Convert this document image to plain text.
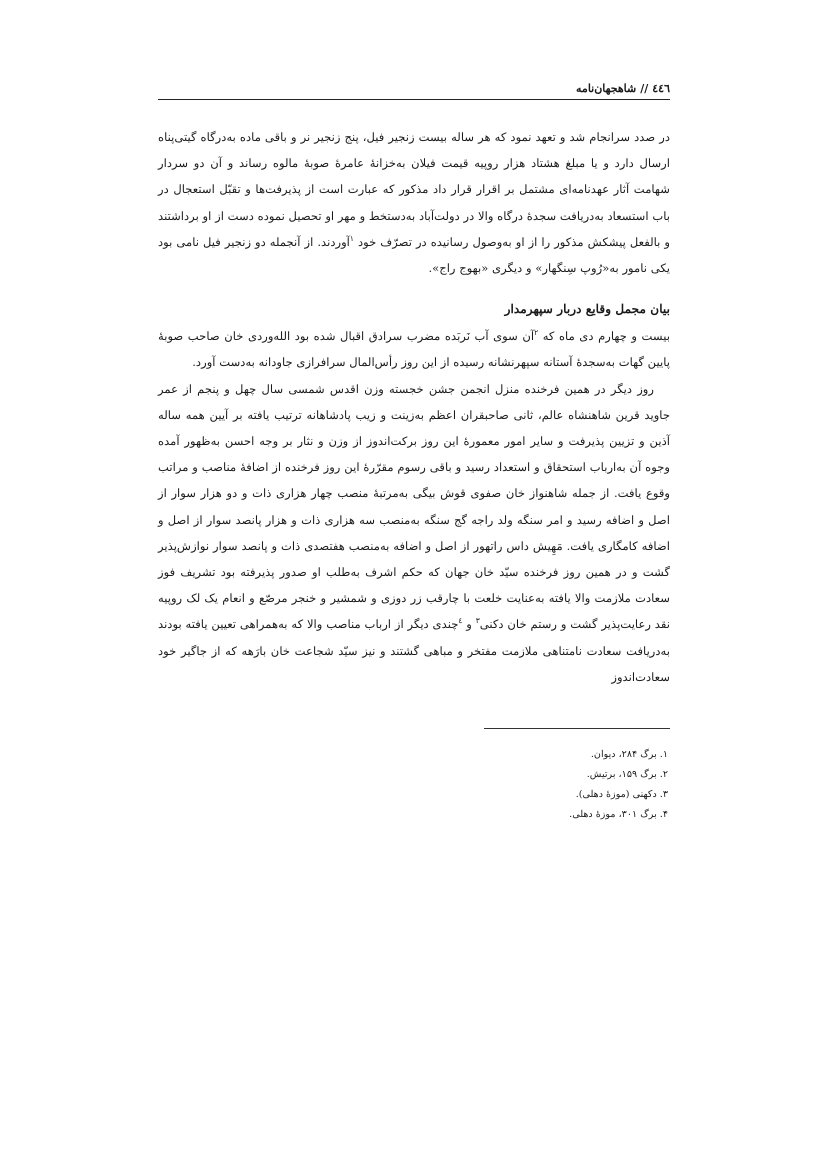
٤٤٦
//
شاهجهان‌نامه

در صدد سرانجام شد و تعهد نمود که هر ساله بیست زنجیر فیل، پنج زنجیر نر و باقی ماده به‌درگاه گیتی‌پناه ارسال دارد و یا مبلغ هشتاد هزار روپیه قیمت فیلان به‌خزانهٔ عامرهٔ صوبهٔ مالوه رساند و آن دو سردار شهامت آثار عهدنامه‌ای مشتمل بر اقرار قرار داد مذکور که عبارت است از پذیرفت‌ها و تقبّل استعجال در باب استسعاد به‌دریافت سجدهٔ درگاه والا در دولت‌آباد به‌دستخط و مهر او تحصیل نموده دست از او برداشتند و بالفعل پیشکش مذکور را از او به‌وصول رسانیده در تصرّف خود $^١$آوردند. از آنجمله دو زنجیر فیل نامی بود یکی نامور به«رُوپ سِنگهار» و دیگری «بهوج راج».

بیان مجمل وقایع دربار سپهرمدار

بیست و چهارم دی ماه که $^٢$آن سوی آب نَربَده مضرب سرادق اقبال شده بود الله‌وردی خان صاحب صوبهٔ پایین گهات به‌سجدهٔ آستانه سپهرنشانه رسیده از این روز رأس‌المال سرافرازی جاودانه به‌دست آورد.

روز دیگر در همین فرخنده منزل انجمن جشن خجسته وزن اقدس شمسی سال چهل و پنجم از عمر جاوید قرین شاهنشاه عالم، ثانی صاحبقران اعظم به‌زینت و زیب پادشاهانه ترتیب یافته بر آیین همه ساله آذین و تزیین پذیرفت و سایر امور معمورهٔ این روز برکت‌اندوز از وزن و نثار بر وجه احسن به‌ظهور آمده وجوه آن به‌ارباب استحقاق و استعداد رسید و باقی رسوم مقرّرهٔ این روز فرخنده از اضافهٔ مناصب و مراتب وقوع یافت. از جمله شاهنواز خان صفوی قوش بیگی به‌مرتبهٔ منصب چهار هزاری ذات و دو هزار سوار از اصل و اضافه رسید و امر سنگه ولد راجه گج سنگه به‌منصب سه هزاری ذات و هزار پانصد سوار از اصل و اضافه کامگاری یافت. مَهِیش داس راتهور از اصل و اضافه به‌منصب هفتصدی ذات و پانصد سوار نوازش‌پذیر گشت و در همین روز فرخنده سیّد خان جهان که حکم اشرف به‌طلب او صدور پذیرفته بود تشریف فوز سعادت ملازمت والا یافته به‌عنایت خلعت با چارقب زر دوزی و شمشیر و خنجر مرصّع و انعام یک لک روپیه نقد رعایت‌پذیر گشت و رستم خان دکنی$^٣$ و $^٤$چندی دیگر از ارباب مناصب والا که به‌همراهی تعیین یافته بودند به‌دریافت سعادت نامتناهی ملازمت مفتخر و مباهی گشتند و نیز سیّد شجاعت خان بارَهه که از جاگیر خود سعادت‌اندوز

۱. برگ ۲۸۴، دیوان.
۲. برگ ۱۵۹، برتیش.
۳. دکهنی (موزهٔ دهلی).
۴. برگ ۳۰۱، موزهٔ دهلی.
